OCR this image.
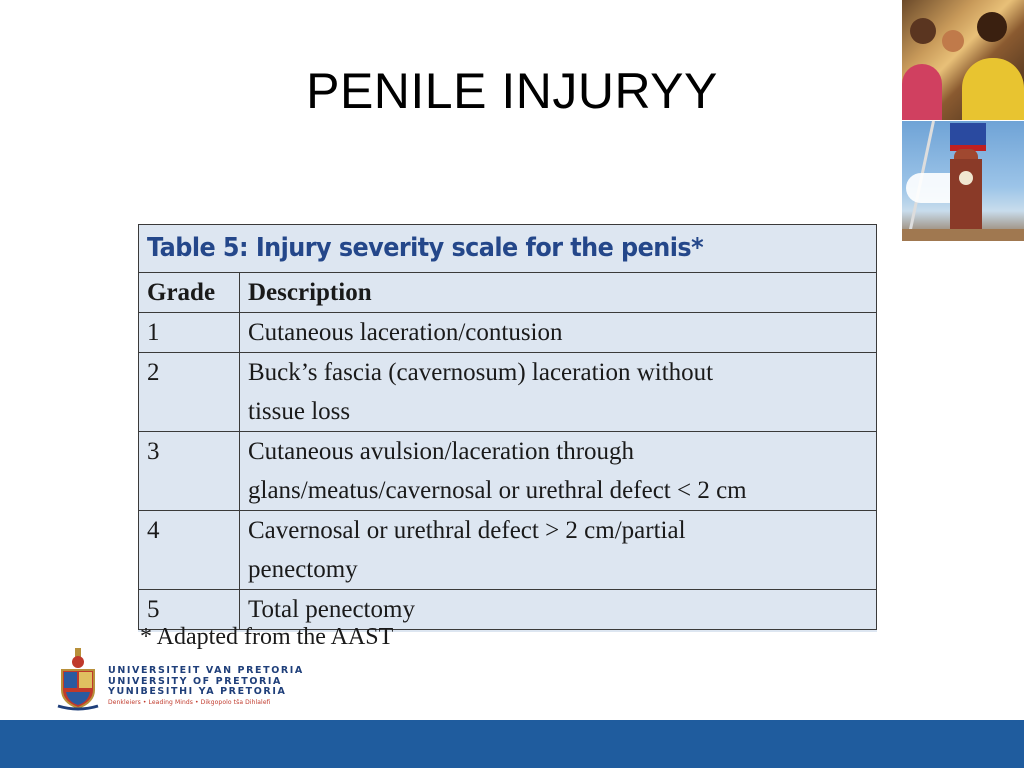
PENILE INJURYY
Table 5: Injury severity scale for the penis*	
Grade	Description
1	Cutaneous laceration/contusion
2	Buck’s fascia (cavernosum) laceration without
tissue loss
3	Cutaneous avulsion/laceration through
glans/meatus/cavernosal or urethral defect < 2 cm
4	Cavernosal or urethral defect > 2 cm/partial
penectomy
5	Total penectomy
* Adapted from the AAST
UNIVERSITEIT VAN PRETORIA
UNIVERSITY OF PRETORIA
YUNIBESITHI YA PRETORIA
Denkleiers • Leading Minds • Dikgopolo tša Dihlalefi
